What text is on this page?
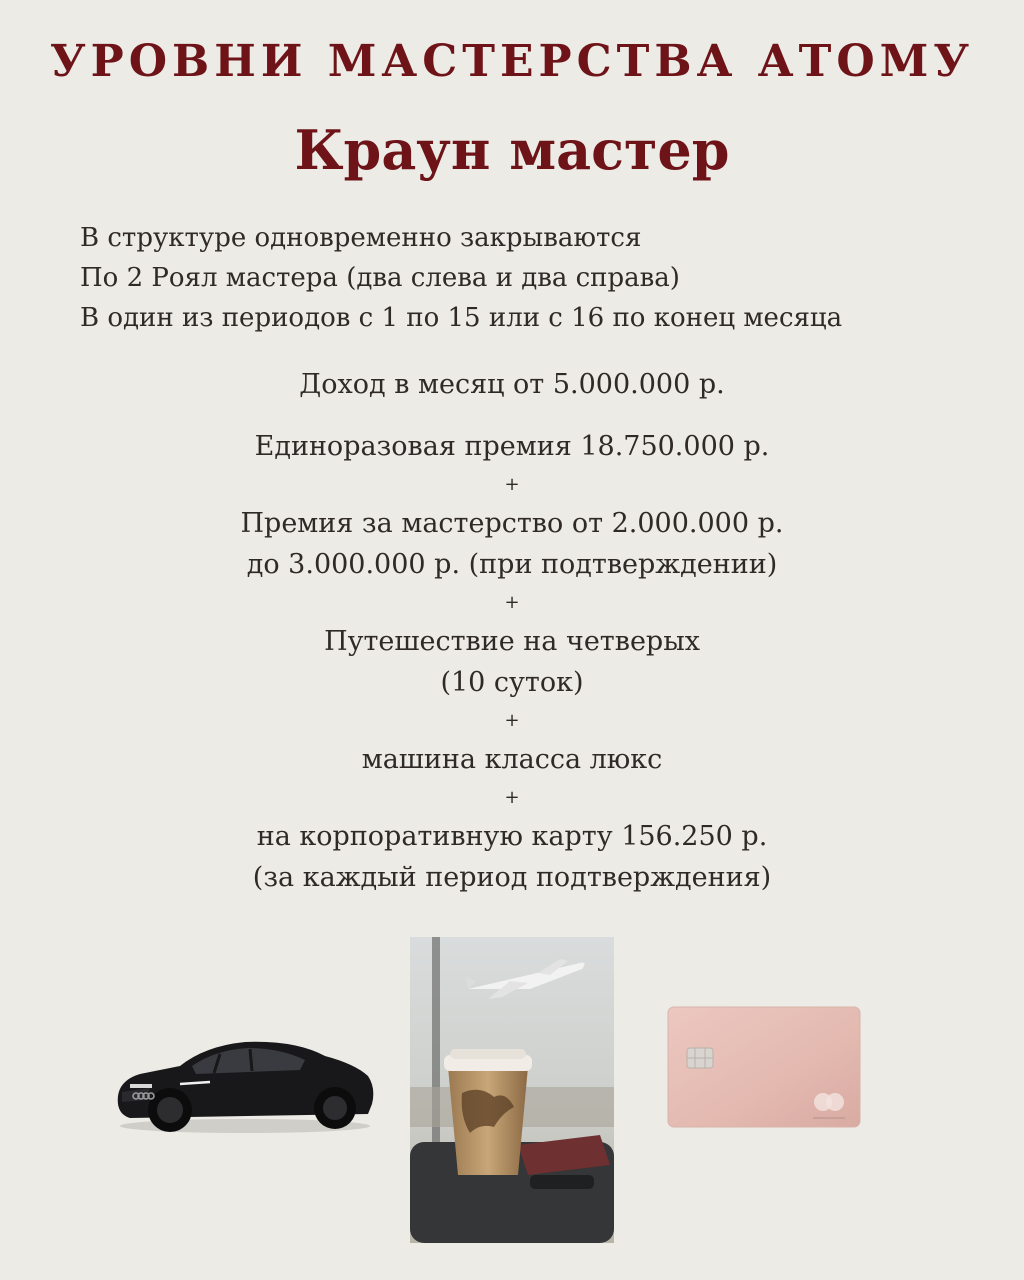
УРОВНИ МАСТЕРСТВА АТОМУ
Краун мастер
В структуре одновременно закрываются
По 2 Роял мастера (два слева и два справа)
В один из периодов с 1 по 15 или с 16 по конец месяца
Доход в месяц от 5.000.000 р.
Единоразовая премия 18.750.000 р.
+
Премия за мастерство от 2.000.000 р.
до 3.000.000 р. (при подтверждении)
+
Путешествие на четверых
(10 суток)
+
машина класса люкс
+
на корпоративную карту 156.250 р.
(за каждый период подтверждения)
